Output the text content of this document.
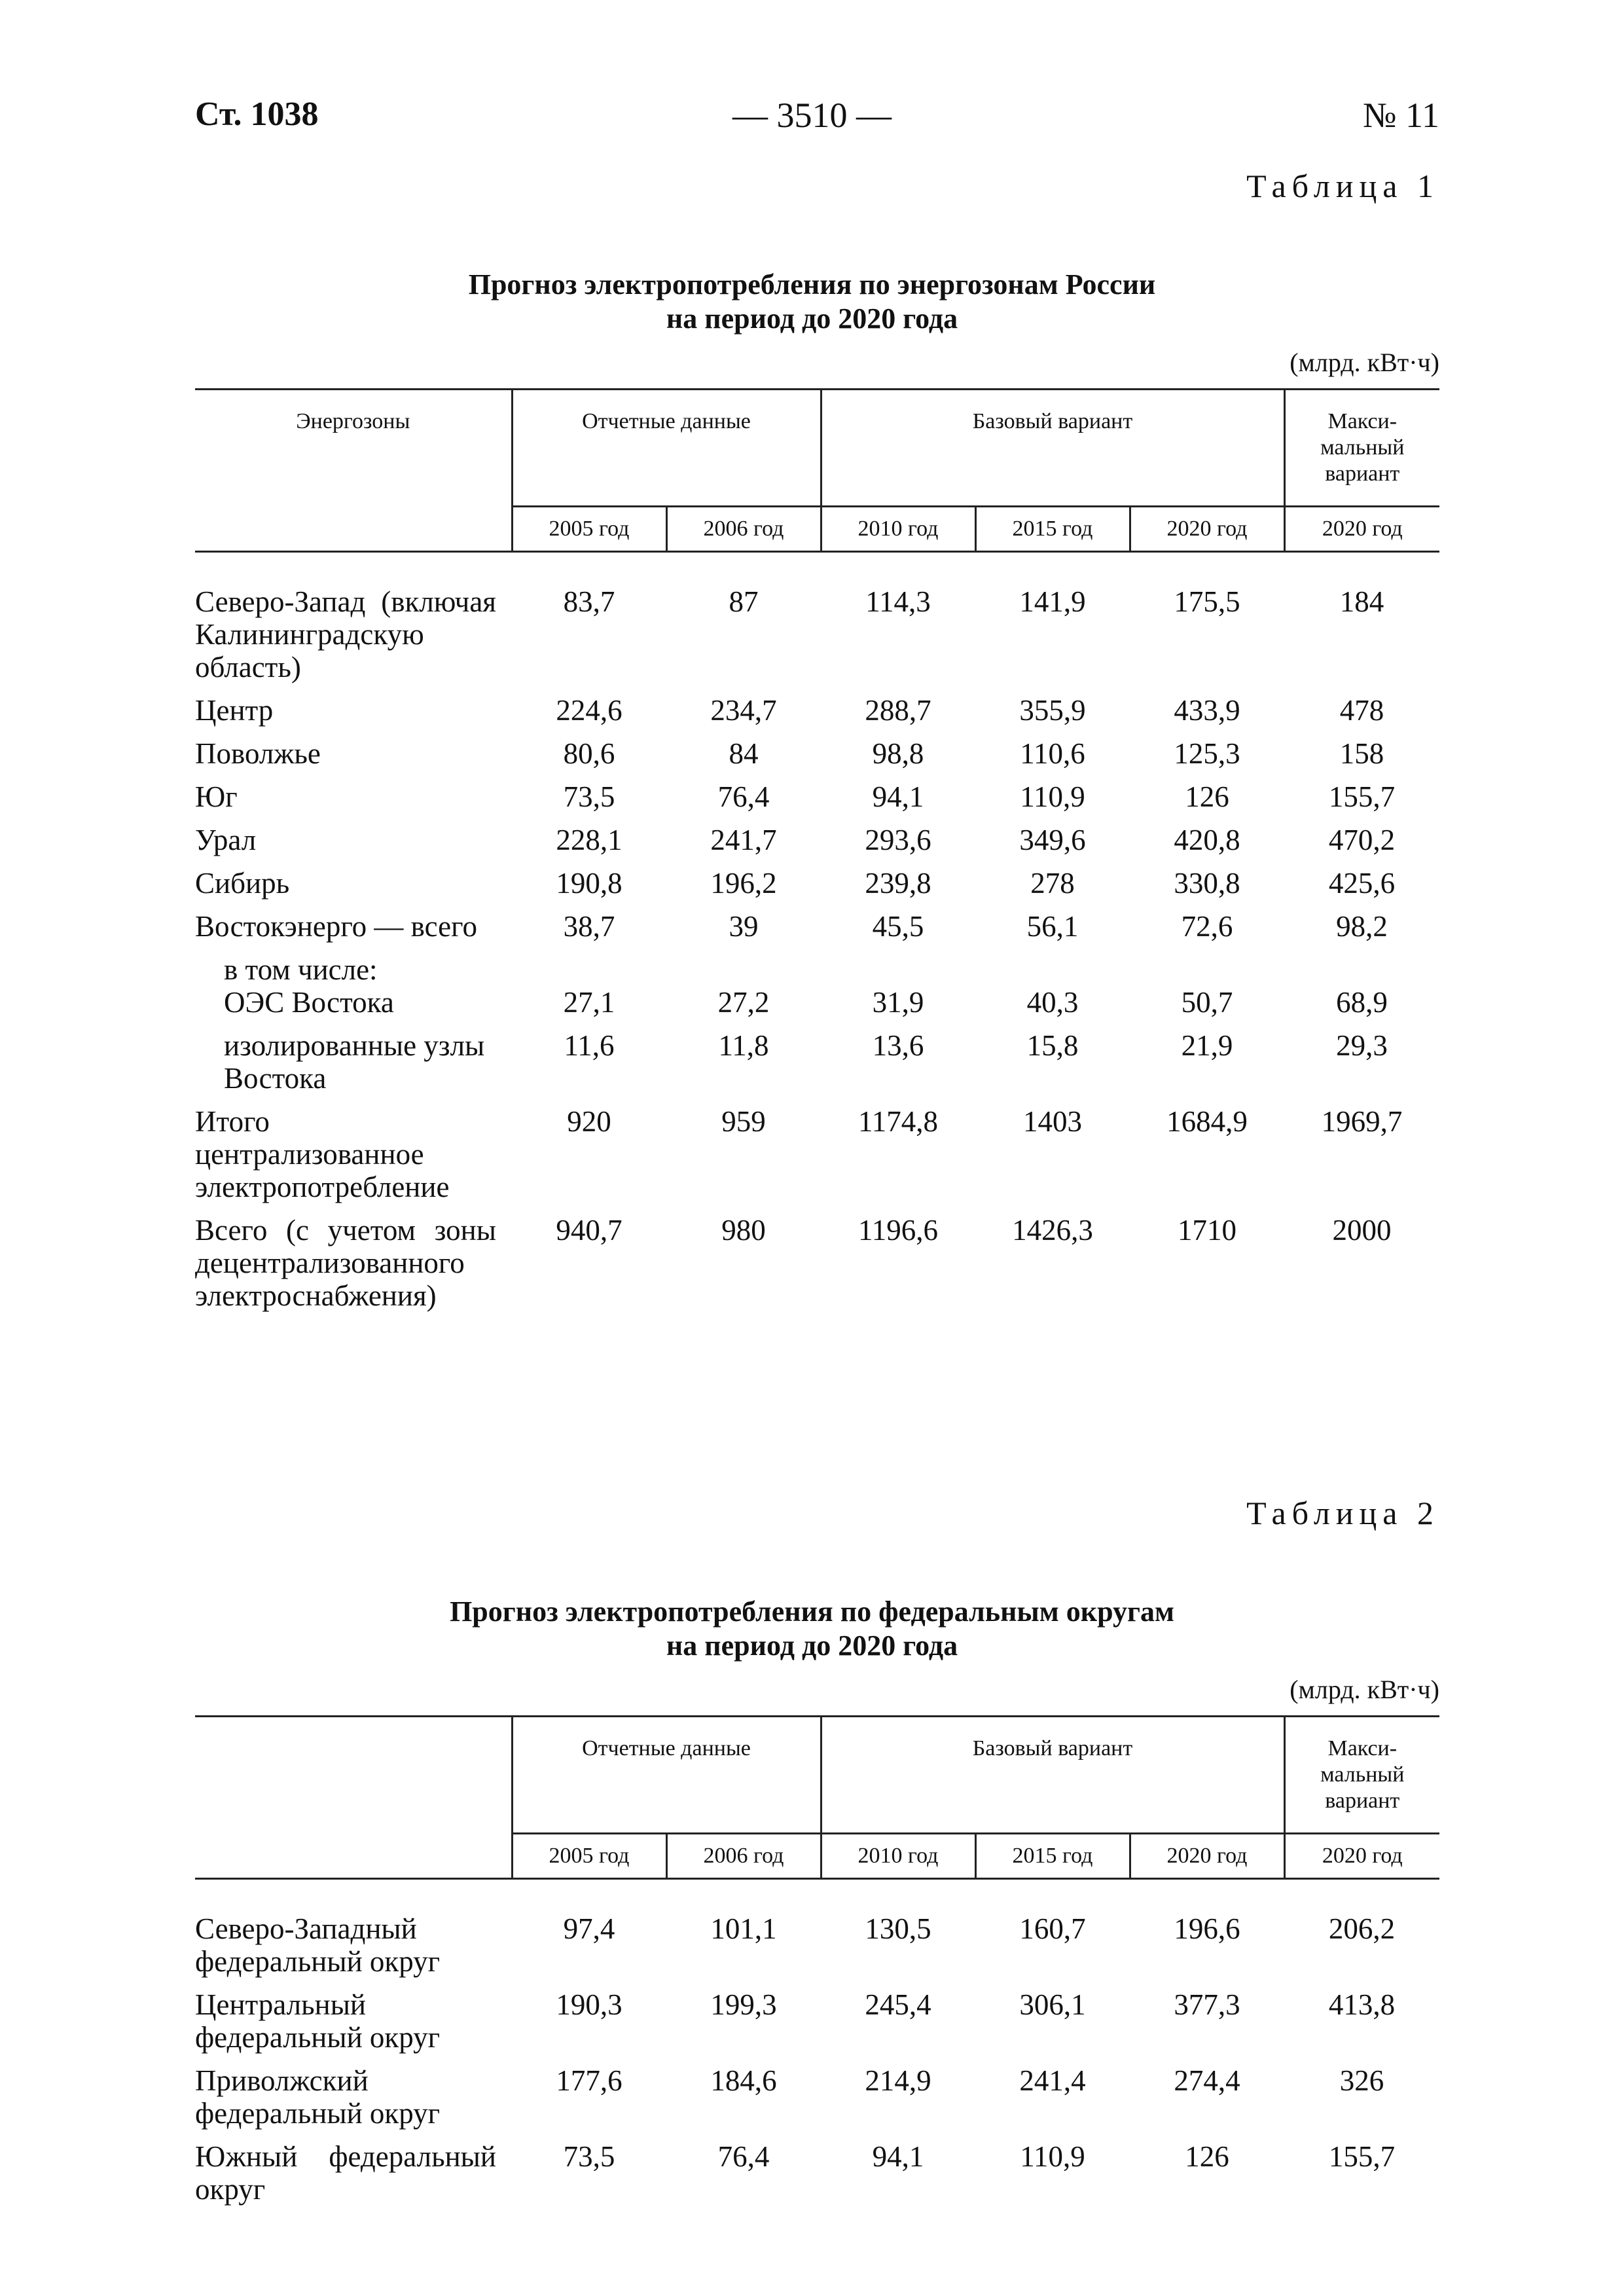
Ст. 1038	— 3510 —	№ 11
Таблица 1
Прогноз электропотребления по энергозонам России
на период до 2020 года
(млрд. кВт·ч)
Энергозоны	Отчетные данные		Базовый вариант			Макси-мальный вариант
	2005 год	2006 год	2010 год	2015 год	2020 год	2020 год

Северо-Запад (включая Калининградскую область)	83,7	87	114,3	141,9	175,5	184
Центр	224,6	234,7	288,7	355,9	433,9	478
Поволжье	80,6	84	98,8	110,6	125,3	158
Юг	73,5	76,4	94,1	110,9	126	155,7
Урал	228,1	241,7	293,6	349,6	420,8	470,2
Сибирь	190,8	196,2	239,8	278	330,8	425,6
Востокэнерго — всего	38,7	39	45,5	56,1	72,6	98,2
в том числе:						
ОЭС Востока	27,1	27,2	31,9	40,3	50,7	68,9
изолированные узлы Востока	11,6	11,8	13,6	15,8	21,9	29,3
Итого централизованное электропотребление	920	959	1174,8	1403	1684,9	1969,7
Всего (с учетом зоны децентрализованного электроснабжения)	940,7	980	1196,6	1426,3	1710	2000
Таблица 2
Прогноз электропотребления по федеральным округам
на период до 2020 года
(млрд. кВт·ч)
	Отчетные данные		Базовый вариант			Макси-мальный вариант
	2005 год	2006 год	2010 год	2015 год	2020 год	2020 год

Северо-Западный федеральный округ	97,4	101,1	130,5	160,7	196,6	206,2
Центральный федеральный округ	190,3	199,3	245,4	306,1	377,3	413,8
Приволжский федеральный округ	177,6	184,6	214,9	241,4	274,4	326
Южный федеральный округ	73,5	76,4	94,1	110,9	126	155,7
